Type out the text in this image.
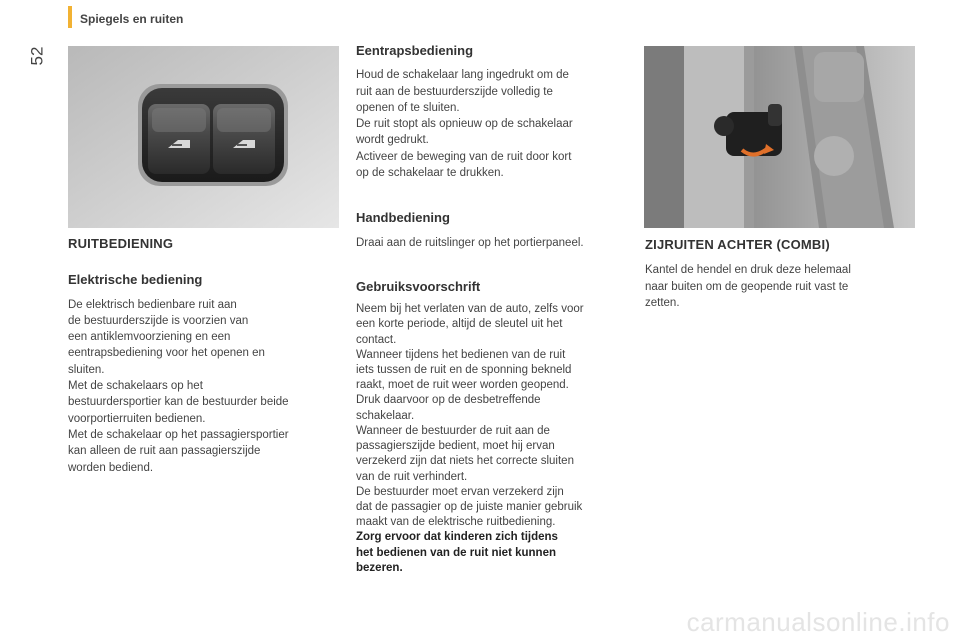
Spiegels en ruiten
52
RUITBEDIENING
Elektrische bediening

De elektrisch bedienbare ruit aan

de bestuurderszijde is voorzien van

een antiklemvoorziening en een

eentrapsbediening voor het openen en

sluiten.

Met de schakelaars op het

bestuurdersportier kan de bestuurder beide

voorportierruiten bedienen.

Met de schakelaar op het passagiersportier

kan alleen de ruit aan passagierszijde

worden bediend.

Eentrapsbediening

Houd de schakelaar lang ingedrukt om de

ruit aan de bestuurderszijde volledig te

openen of te sluiten.

De ruit stopt als opnieuw op de schakelaar

wordt gedrukt.

Activeer de beweging van de ruit door kort

op de schakelaar te drukken.

Handbediening

Draai aan de ruitslinger op het portierpaneel.

Gebruiksvoorschrift

Neem bij het verlaten van de auto, zelfs voor

een korte periode, altijd de sleutel uit het

contact.

Wanneer tijdens het bedienen van de ruit

iets tussen de ruit en de sponning bekneld

raakt, moet de ruit weer worden geopend.

Druk daarvoor op de desbetreffende

schakelaar.

Wanneer de bestuurder de ruit aan de

passagierszijde bedient, moet hij ervan

verzekerd zijn dat niets het correcte sluiten

van de ruit verhindert.

De bestuurder moet ervan verzekerd zijn

dat de passagier op de juiste manier gebruik

maakt van de elektrische ruitbediening.

Zorg ervoor dat kinderen zich tijdens

het bedienen van de ruit niet kunnen

bezeren.

ZIJRUITEN ACHTER (COMBI)

Kantel de hendel en druk deze helemaal

naar buiten om de geopende ruit vast te

zetten.

carmanualsonline.info
